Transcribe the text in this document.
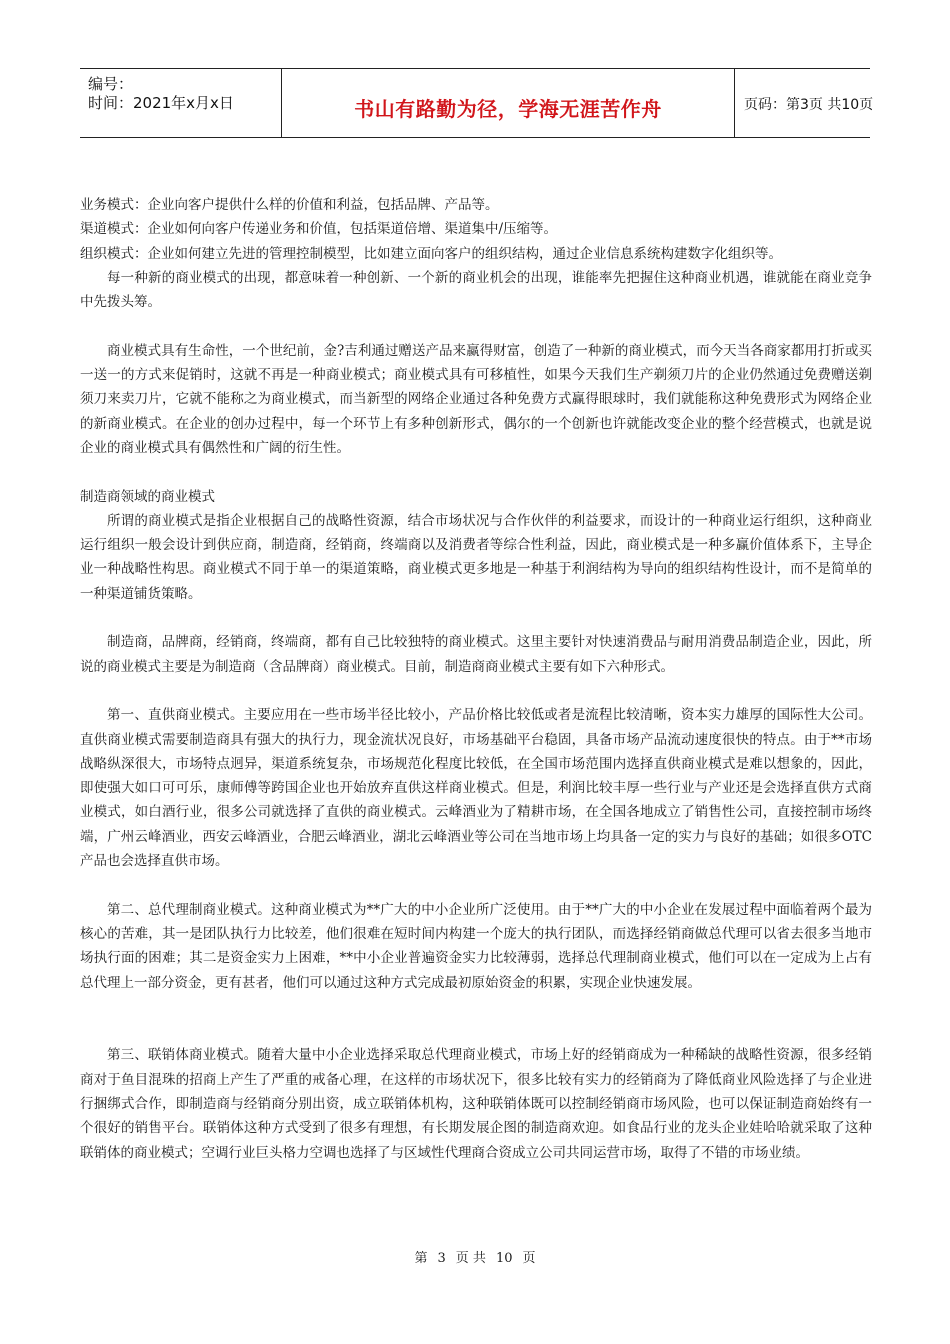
编号：
时间：2021年x月x日	书山有路勤为径，学海无涯苦作舟	页码：第3页 共10页

业务模式：企业向客户提供什么样的价值和利益，包括品牌、产品等。

渠道模式：企业如何向客户传递业务和价值，包括渠道倍增、渠道集中/压缩等。

组织模式：企业如何建立先进的管理控制模型，比如建立面向客户的组织结构，通过企业信息系统构建数字化组织等。

每一种新的商业模式的出现，都意味着一种创新、一个新的商业机会的出现，谁能率先把握住这种商业机遇，谁就能在商业竞争中先拨头筹。

商业模式具有生命性，一个世纪前，金?吉利通过赠送产品来赢得财富，创造了一种新的商业模式，而今天当各商家都用打折或买一送一的方式来促销时，这就不再是一种商业模式；商业模式具有可移植性，如果今天我们生产剃须刀片的企业仍然通过免费赠送剃须刀来卖刀片，它就不能称之为商业模式，而当新型的网络企业通过各种免费方式赢得眼球时，我们就能称这种免费形式为网络企业的新商业模式。在企业的创办过程中，每一个环节上有多种创新形式，偶尔的一个创新也许就能改变企业的整个经营模式，也就是说企业的商业模式具有偶然性和广阔的衍生性。

制造商领域的商业模式

所谓的商业模式是指企业根据自己的战略性资源，结合市场状况与合作伙伴的利益要求，而设计的一种商业运行组织，这种商业运行组织一般会设计到供应商，制造商，经销商，终端商以及消费者等综合性利益，因此，商业模式是一种多赢价值体系下，主导企业一种战略性构思。商业模式不同于单一的渠道策略，商业模式更多地是一种基于利润结构为导向的组织结构性设计，而不是简单的一种渠道铺货策略。

制造商，品牌商，经销商，终端商，都有自己比较独特的商业模式。这里主要针对快速消费品与耐用消费品制造企业，因此，所说的商业模式主要是为制造商（含品牌商）商业模式。目前，制造商商业模式主要有如下六种形式。

第一、直供商业模式。主要应用在一些市场半径比较小，产品价格比较低或者是流程比较清晰，资本实力雄厚的国际性大公司。直供商业模式需要制造商具有强大的执行力，现金流状况良好，市场基础平台稳固，具备市场产品流动速度很快的特点。由于**市场战略纵深很大，市场特点迥异，渠道系统复杂，市场规范化程度比较低，在全国市场范围内选择直供商业模式是难以想象的，因此，即使强大如口可可乐，康师傅等跨国企业也开始放弃直供这样商业模式。但是，利润比较丰厚一些行业与产业还是会选择直供方式商业模式，如白酒行业，很多公司就选择了直供的商业模式。云峰酒业为了精耕市场，在全国各地成立了销售性公司，直接控制市场终端，广州云峰酒业，西安云峰酒业，合肥云峰酒业，湖北云峰酒业等公司在当地市场上均具备一定的实力与良好的基础；如很多OTC产品也会选择直供市场。

第二、总代理制商业模式。这种商业模式为**广大的中小企业所广泛使用。由于**广大的中小企业在发展过程中面临着两个最为核心的苦难，其一是团队执行力比较差，他们很难在短时间内构建一个庞大的执行团队，而选择经销商做总代理可以省去很多当地市场执行面的困难；其二是资金实力上困难，**中小企业普遍资金实力比较薄弱，选择总代理制商业模式，他们可以在一定成为上占有总代理上一部分资金，更有甚者，他们可以通过这种方式完成最初原始资金的积累，实现企业快速发展。

第三、联销体商业模式。随着大量中小企业选择采取总代理商业模式，市场上好的经销商成为一种稀缺的战略性资源，很多经销商对于鱼目混珠的招商上产生了严重的戒备心理，在这样的市场状况下，很多比较有实力的经销商为了降低商业风险选择了与企业进行捆绑式合作，即制造商与经销商分别出资，成立联销体机构，这种联销体既可以控制经销商市场风险，也可以保证制造商始终有一个很好的销售平台。联销体这种方式受到了很多有理想，有长期发展企图的制造商欢迎。如食品行业的龙头企业娃哈哈就采取了这种联销体的商业模式；空调行业巨头格力空调也选择了与区域性代理商合资成立公司共同运营市场，取得了不错的市场业绩。

第 3 页 共 10 页
